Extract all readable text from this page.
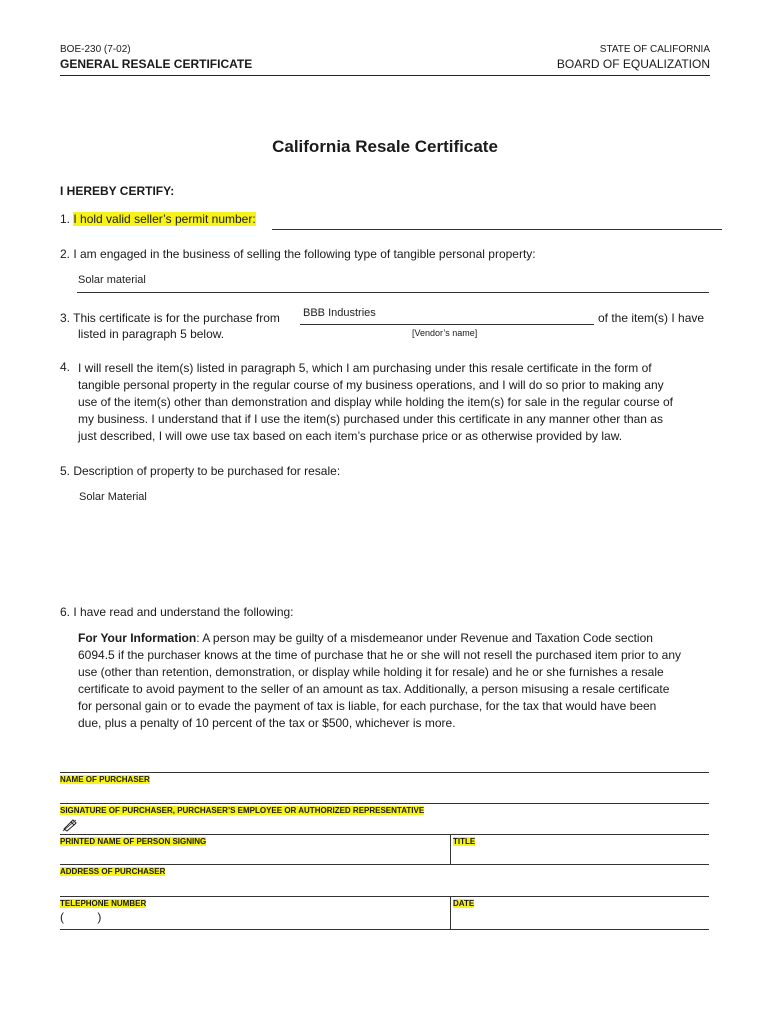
BOE-230 (7-02)
GENERAL RESALE CERTIFICATE
STATE OF CALIFORNIA
BOARD OF EQUALIZATION
California Resale Certificate
I HEREBY CERTIFY:
1. I hold valid seller’s permit number:
2. I am engaged in the business of selling the following type of tangible personal property:
Solar material
3. This certificate is for the purchase from BBB Industries	of the item(s) I have
listed in paragraph 5 below.	[Vendor’s name]
4. I will resell the item(s) listed in paragraph 5, which I am purchasing under this resale certificate in the form of
tangible personal property in the regular course of my business operations, and I will do so prior to making any
use of the item(s) other than demonstration and display while holding the item(s) for sale in the regular course of
my business. I understand that if I use the item(s) purchased under this certificate in any manner other than as
just described, I will owe use tax based on each item’s purchase price or as otherwise provided by law.
5. Description of property to be purchased for resale:
Solar Material
6. I have read and understand the following:
For Your Information: A person may be guilty of a misdemeanor under Revenue and Taxation Code section
6094.5 if the purchaser knows at the time of purchase that he or she will not resell the purchased item prior to any
use (other than retention, demonstration, or display while holding it for resale) and he or she furnishes a resale
certificate to avoid payment to the seller of an amount as tax. Additionally, a person misusing a resale certificate
for personal gain or to evade the payment of tax is liable, for each purchase, for the tax that would have been
due, plus a penalty of 10 percent of the tax or $500, whichever is more.
NAME OF PURCHASER
SIGNATURE OF PURCHASER, PURCHASER’S EMPLOYEE OR AUTHORIZED REPRESENTATIVE
PRINTED NAME OF PERSON SIGNING	TITLE
ADDRESS OF PURCHASER
TELEPHONE NUMBER
(          )
DATE
